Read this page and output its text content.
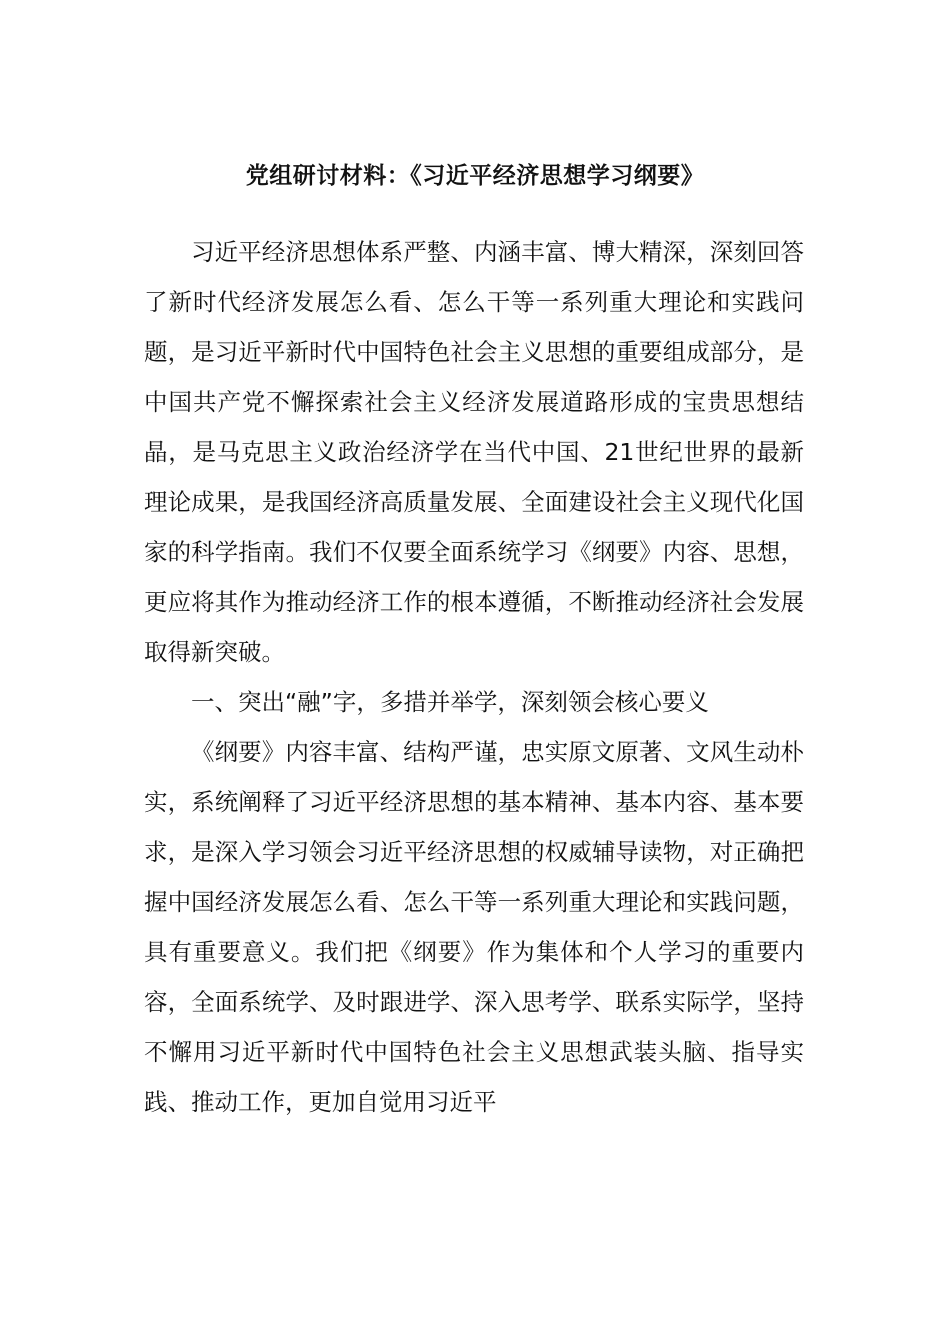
党组研讨材料：《习近平经济思想学习纲要》

习近平经济思想体系严整、内涵丰富、博大精深，深刻回答了新时代经济发展怎么看、怎么干等一系列重大理论和实践问题，是习近平新时代中国特色社会主义思想的重要组成部分，是中国共产党不懈探索社会主义经济发展道路形成的宝贵思想结晶，是马克思主义政治经济学在当代中国、21世纪世界的最新理论成果，是我国经济高质量发展、全面建设社会主义现代化国家的科学指南。我们不仅要全面系统学习《纲要》内容、思想，更应将其作为推动经济工作的根本遵循，不断推动经济社会发展取得新突破。

一、突出“融”字，多措并举学，深刻领会核心要义

《纲要》内容丰富、结构严谨，忠实原文原著、文风生动朴实，系统阐释了习近平经济思想的基本精神、基本内容、基本要求，是深入学习领会习近平经济思想的权威辅导读物，对正确把握中国经济发展怎么看、怎么干等一系列重大理论和实践问题，具有重要意义。我们把《纲要》作为集体和个人学习的重要内容，全面系统学、及时跟进学、深入思考学、联系实际学，坚持不懈用习近平新时代中国特色社会主义思想武装头脑、指导实践、推动工作，更加自觉用习近平
